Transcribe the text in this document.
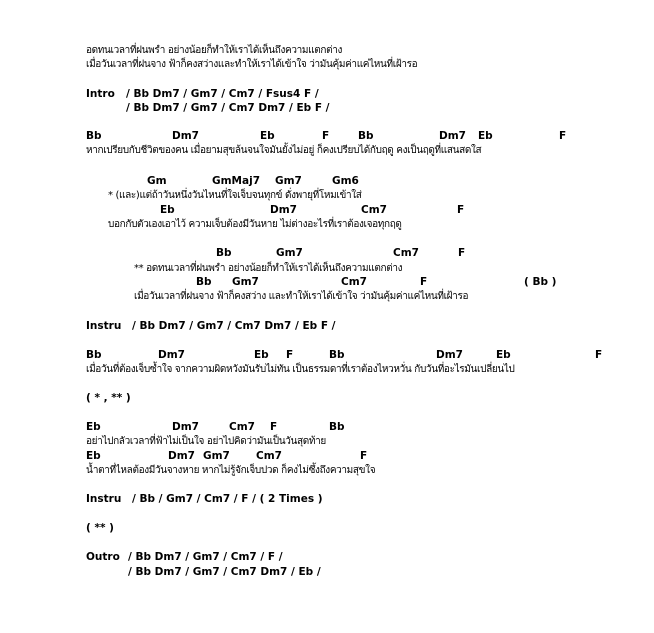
อดทนเวลาที่ฝนพรำ อย่างน้อยก็ทำให้เราได้เห็นถึงความแตกต่าง
เมื่อวันเวลาที่ฝนจาง ฟ้าก็คงสว่างและทำให้เราได้เข้าใจ ว่ามันคุ้มค่าแค่ไหนที่เฝ้ารอ
Intro / Bb Dm7 / Gm7 / Cm7 / Fsus4 F /
/ Bb Dm7 / Gm7 / Cm7 Dm7 / Eb F /
Bb	Dm7	Eb	F	Bb	Dm7 Eb	F
หากเปรียบกับชีวิตของคน เมื่อยามสุขล้นจนใจมันยั้งไม่อยู่ ก็คงเปรียบได้กับฤดู คงเป็นฤดูที่แสนสดใส
Gm	GmMaj7 Gm7	Gm6
* (และ)แต่ถ้าวันหนึ่งวันไหนที่ใจเจ็บจนทุกข์ ดั่งพายุที่โหมเข้าใส่
Eb	Dm7	Cm7	F
บอกกับตัวเองเอาไว้ ความเจ็บต้องมีวันหาย ไม่ต่างอะไรที่เราต้องเจอทุกฤดู
Bb	Gm7	Cm7	F
** อดทนเวลาที่ฝนพรำ อย่างน้อยก็ทำให้เราได้เห็นถึงความแตกต่าง
Bb Gm7	Cm7	F	( Bb )
เมื่อวันเวลาที่ฝนจาง ฟ้าก็คงสว่าง และทำให้เราได้เข้าใจ ว่ามันคุ้มค่าแค่ไหนที่เฝ้ารอ
Instru / Bb Dm7 / Gm7 / Cm7 Dm7 / Eb F /
Bb	Dm7	Eb F	Bb	Dm7	Eb	F
เมื่อวันที่ต้องเจ็บซ้ำใจ จากความผิดหวังมันรับไม่ทัน เป็นธรรมดาที่เราต้องไหวหวั่น กับวันที่อะไรมันเปลี่ยนไป
( * , ** )
Eb	Dm7	Cm7 F	Bb
อย่าไปกลัวเวลาที่ฟ้าไม่เป็นใจ อย่าไปคิดว่ามันเป็นวันสุดท้าย
Eb	Dm7 Gm7 Cm7	F
น้ำตาที่ไหลต้องมีวันจางหาย หากไม่รู้จักเจ็บปวด ก็คงไม่ซึ้งถึงความสุขใจ
Instru / Bb / Gm7 / Cm7 / F / ( 2 Times )
( ** )
Outro / Bb Dm7 / Gm7 / Cm7 / F /
/ Bb Dm7 / Gm7 / Cm7 Dm7 / Eb /
